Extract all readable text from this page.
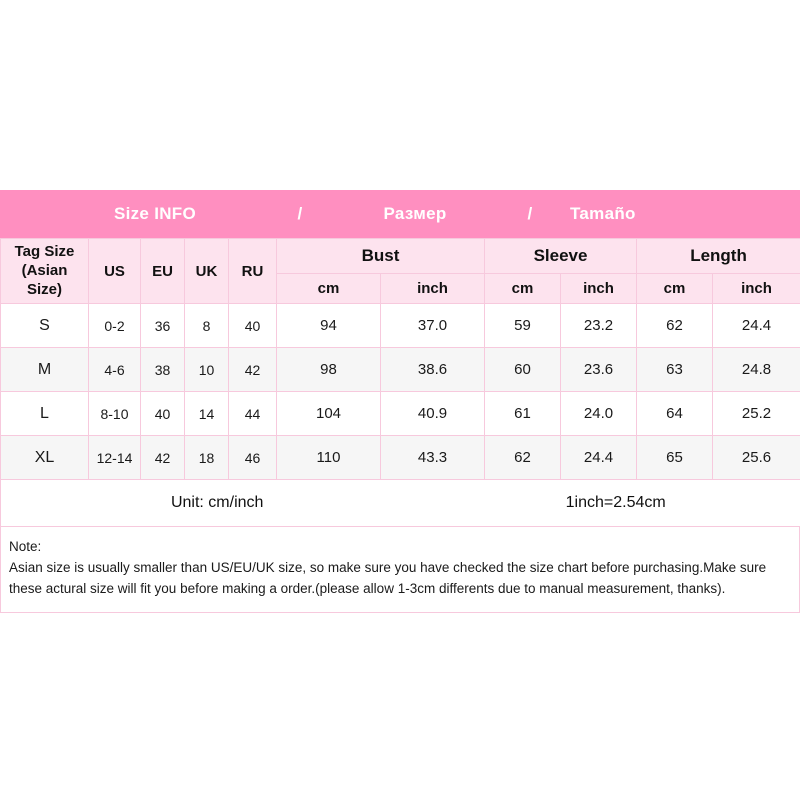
Size INFO	/	Размер	/	Tamaño
Tag Size
(Asian Size)	US	EU	UK	RU	Bust		Sleeve		Length	
					cm	inch	cm	inch	cm	inch
S	0-2	36	8	40	94	37.0	59	23.2	62	24.4
M	4-6	38	10	42	98	38.6	60	23.6	63	24.8
L	8-10	40	14	44	104	40.9	61	24.0	64	25.2
XL	12-14	42	18	46	110	43.3	62	24.4	65	25.6

Unit: cm/inch 1inch=2.54cm										
Note:
Asian size is usually smaller than US/EU/UK size, so make sure you have checked the size chart before purchasing.Make sure these actural size will fit you before making a order.(please allow 1-3cm differents due to manual measurement, thanks).
